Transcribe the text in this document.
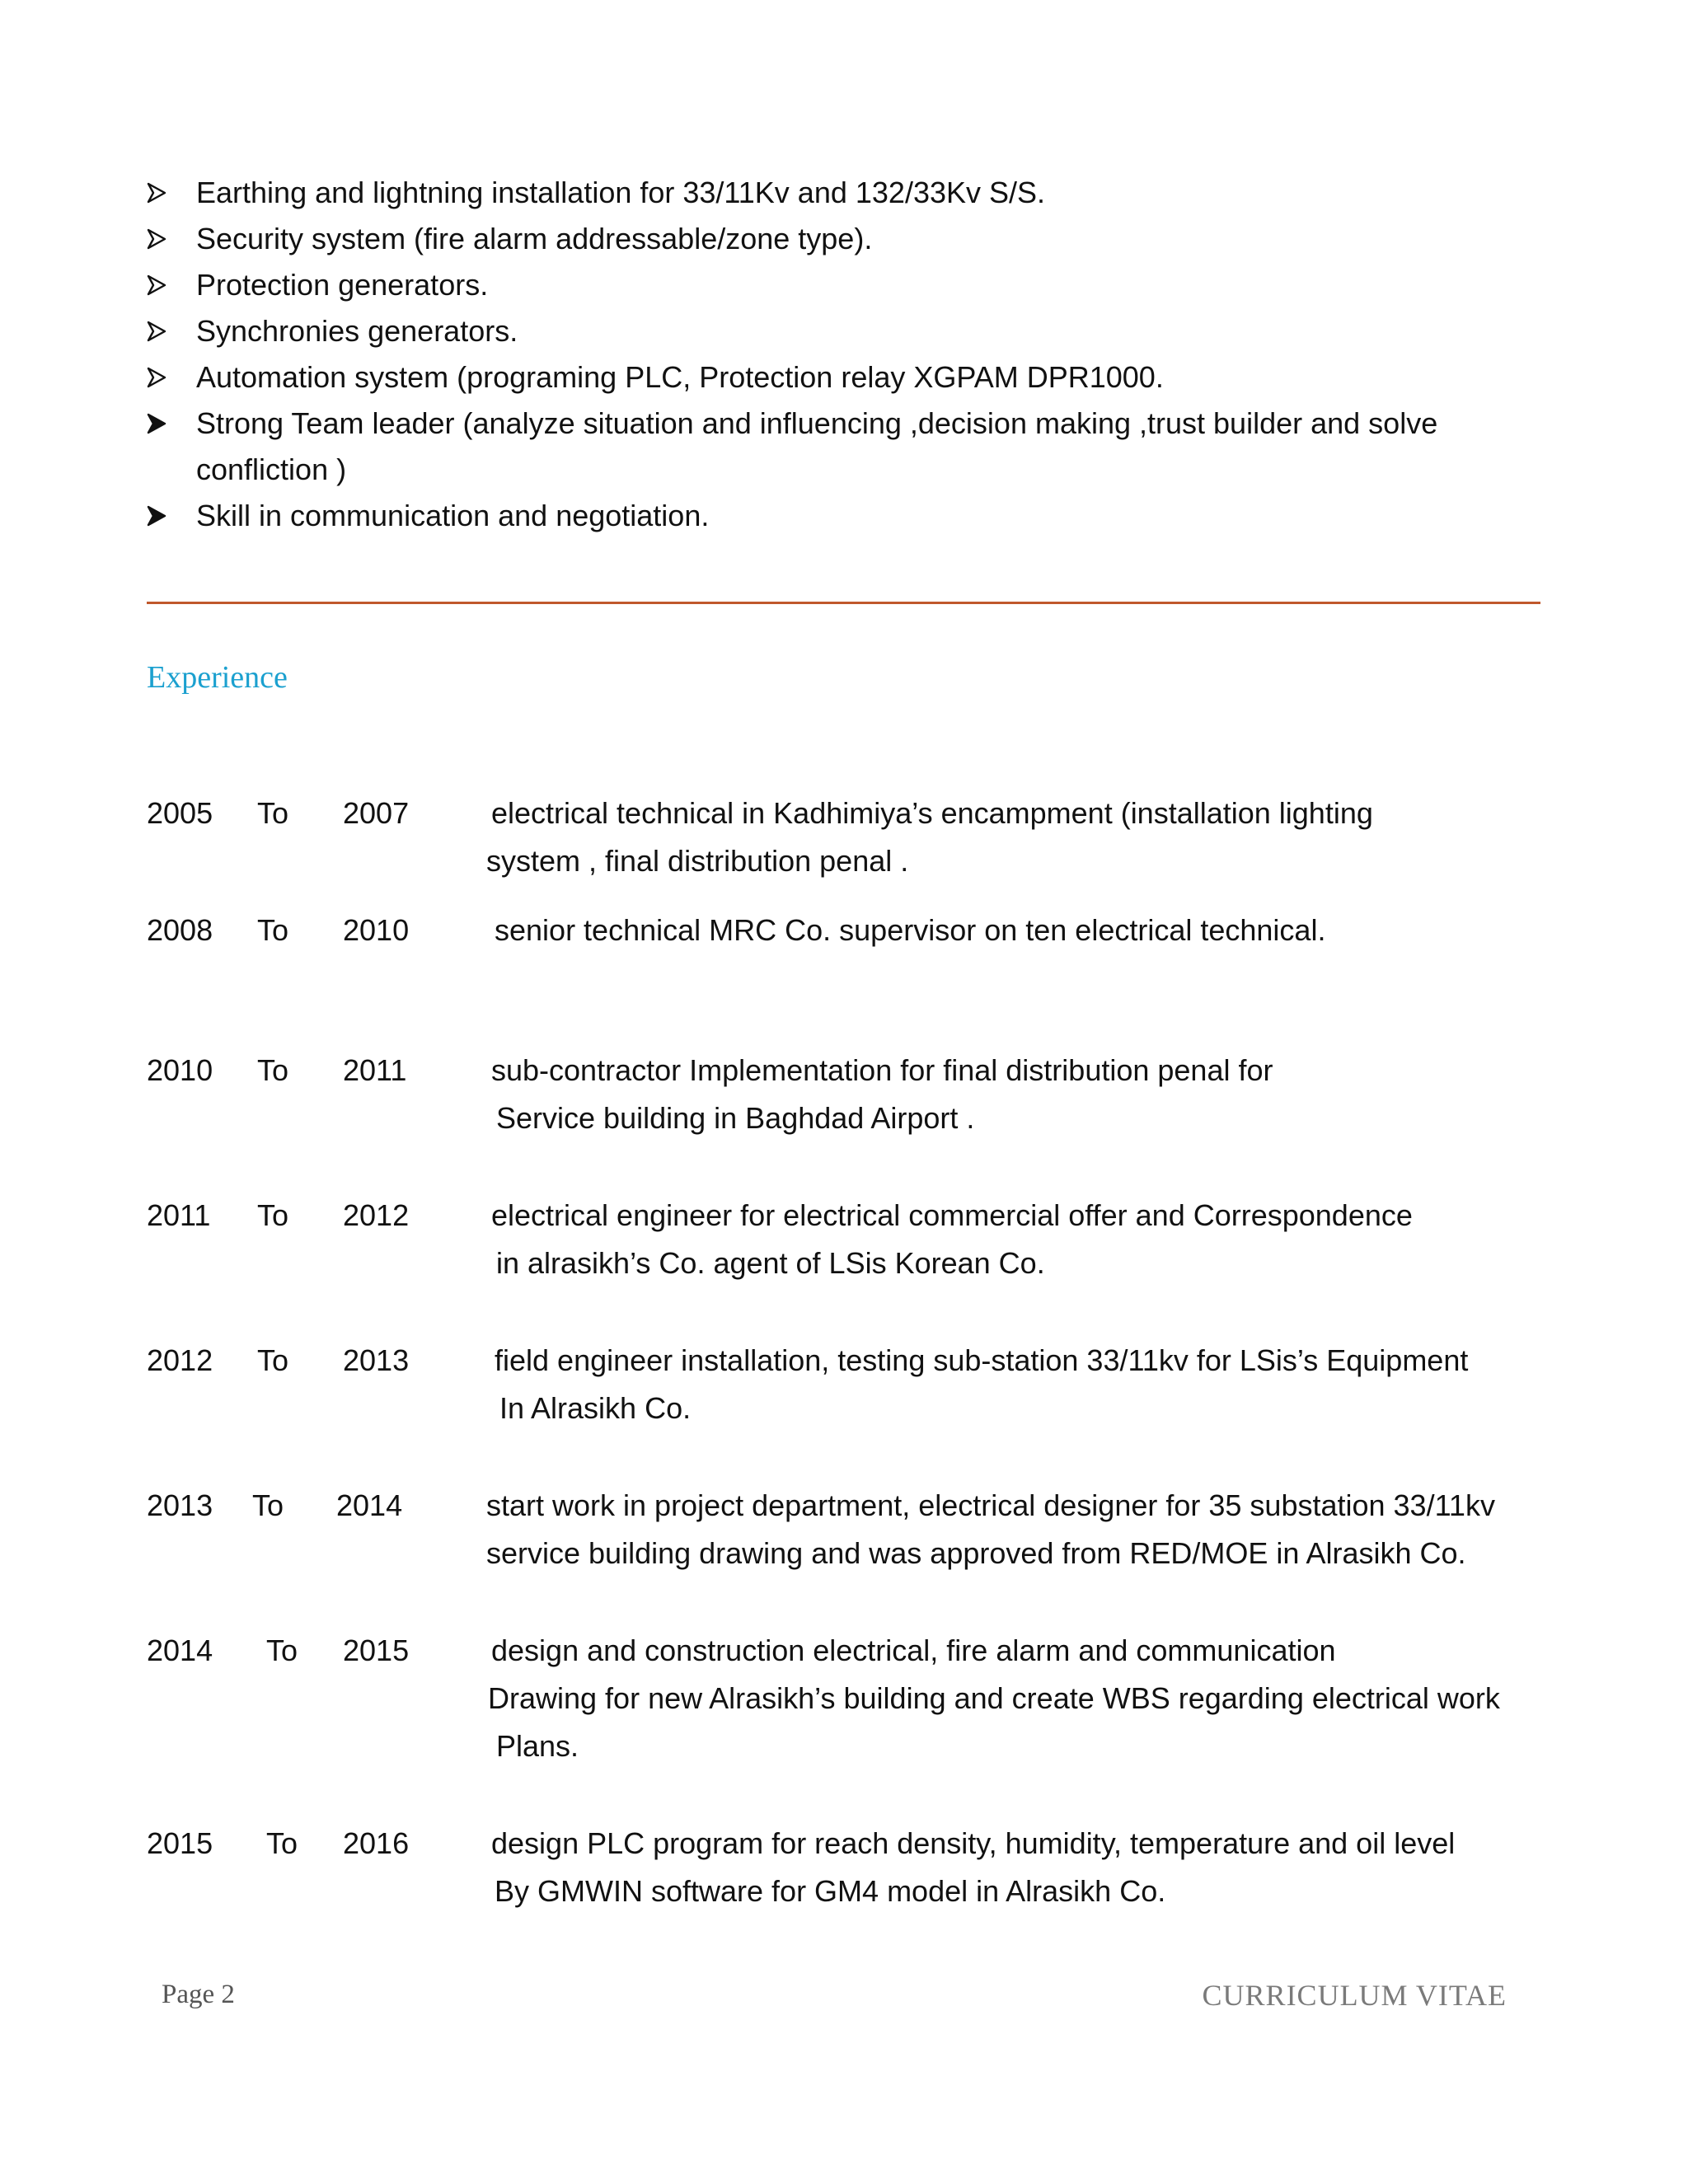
Earthing and lightning installation for 33/11Kv and 132/33Kv S/S.
Security system (fire alarm addressable/zone type).
Protection generators.
Synchronies generators.
Automation system (programing PLC, Protection relay XGPAM DPR1000.
Strong Team leader (analyze situation and influencing ,decision making ,trust builder and solve
confliction )
Skill in communication and negotiation.
Experience
2005 To 2007	electrical technical in Kadhimiya’s encampment (installation lighting
system , final distribution penal .
2008 To 2010	senior technical MRC Co. supervisor on ten electrical technical.
2010 To 2011	sub-contractor Implementation for final distribution penal for
Service building in Baghdad Airport .
2011 To 2012	electrical engineer for electrical commercial offer and Correspondence
in alrasikh’s Co. agent of LSis Korean Co.
2012 To 2013	field engineer installation, testing sub-station 33/11kv for LSis’s Equipment
In Alrasikh Co.
2013 To 2014	start work in project department, electrical designer for 35 substation 33/11kv
service building drawing and was approved from RED/MOE in Alrasikh Co.
2014 To 2015	design and construction electrical, fire alarm and communication
Drawing for new Alrasikh’s building and create WBS regarding electrical work
Plans.
2015 To 2016	design PLC program for reach density, humidity, temperature and oil level
By GMWIN software for GM4 model in Alrasikh Co.
Page 2	CURRICULUM VITAE
